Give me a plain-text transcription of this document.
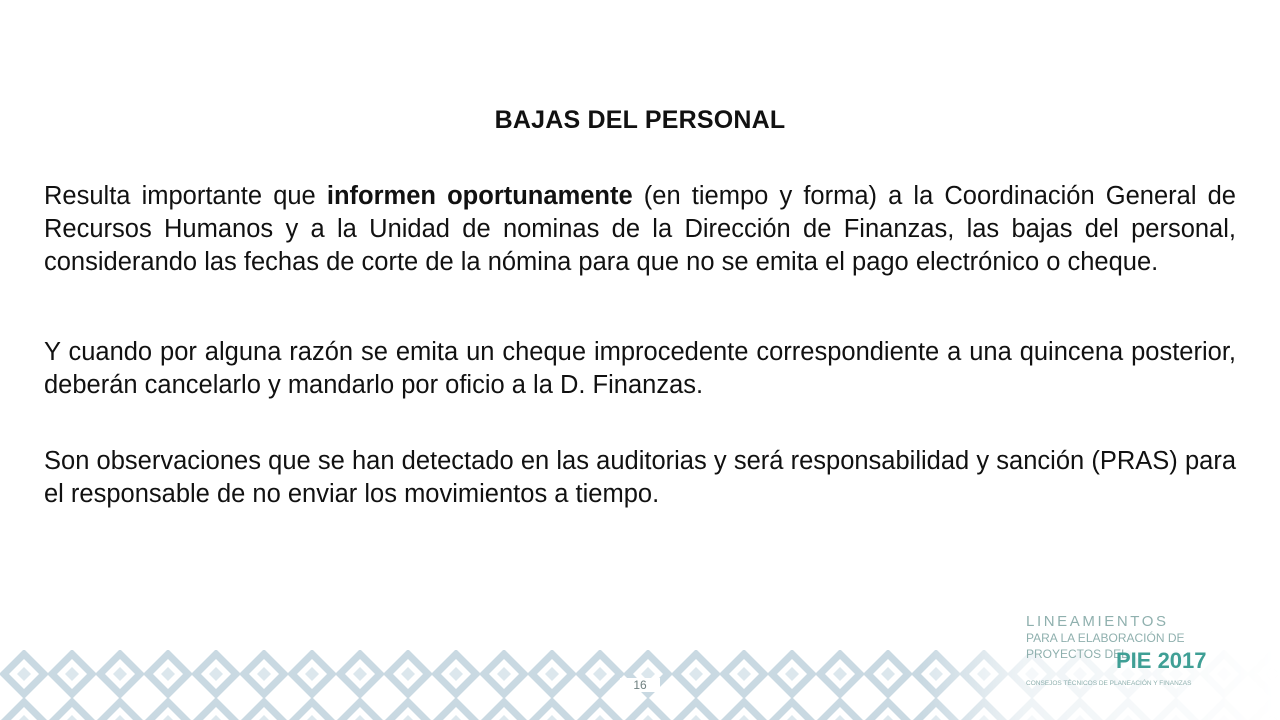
BAJAS DEL PERSONAL
Resulta importante que informen oportunamente (en tiempo y forma) a la Coordinación General de Recursos Humanos y a la Unidad de nominas de la Dirección de Finanzas, las bajas del personal, considerando las fechas de corte de la nómina para que no se emita el pago electrónico o cheque.
Y cuando por alguna razón se emita un cheque improcedente correspondiente a una quincena posterior, deberán cancelarlo y mandarlo por oficio a la D. Finanzas.
Son observaciones que se han detectado en las auditorias y será responsabilidad y sanción (PRAS) para el responsable de no enviar los movimientos a tiempo.
LINEAMIENTOS
PARA LA ELABORACIÓN DE
PROYECTOS DEL
PIE 2017
CONSEJOS TÉCNICOS DE PLANEACIÓN Y FINANZAS
16
